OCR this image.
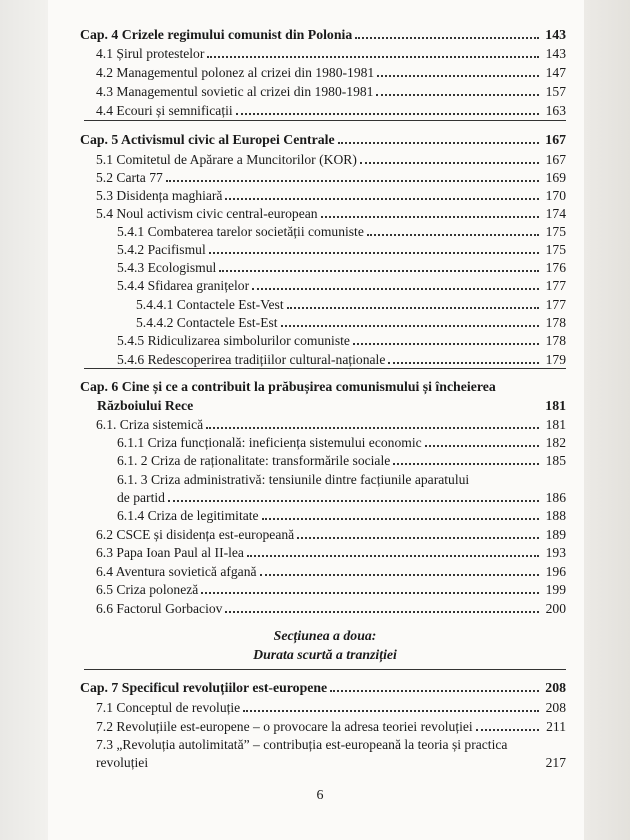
Cap. 4 Crizele regimului comunist din Polonia	143
4.1 Șirul protestelor	143
4.2 Managementul polonez al crizei din 1980-1981	147
4.3 Managementul sovietic al crizei din 1980-1981	157
4.4 Ecouri și semnificații	163
Cap. 5 Activismul civic al Europei Centrale	167
5.1 Comitetul de Apărare a Muncitorilor (KOR)	167
5.2 Carta 77	169
5.3 Disidența maghiară	170
5.4 Noul activism civic central-european	174
5.4.1 Combaterea tarelor societății comuniste	175
5.4.2 Pacifismul	175
5.4.3 Ecologismul	176
5.4.4 Sfidarea granițelor	177
5.4.4.1 Contactele Est-Vest	177
5.4.4.2 Contactele Est-Est	178
5.4.5 Ridiculizarea simbolurilor comuniste	178
5.4.6 Redescoperirea tradițiilor cultural-naționale	179
Cap. 6 Cine și ce a contribuit la prăbușirea comunismului și încheierea
Războiului Rece	181
6.1. Criza sistemică	181
6.1.1 Criza funcțională: ineficiența sistemului economic	182
6.1. 2 Criza de raționalitate: transformările sociale	185
6.1. 3 Criza administrativă: tensiunile dintre facțiunile aparatului
de partid	186
6.1.4 Criza de legitimitate	188
6.2 CSCE și disidența est-europeană	189
6.3 Papa Ioan Paul al II-lea	193
6.4 Aventura sovietică afgană	196
6.5 Criza poloneză	199
6.6 Factorul Gorbaciov	200
Secțiunea a doua:
Durata scurtă a tranziției
Cap. 7 Specificul revoluțiilor est-europene	208
7.1 Conceptul de revoluție	208
7.2 Revoluțiile est-europene – o provocare la adresa teoriei revoluției	211
7.3 „Revoluția autolimitată” – contribuția est-europeană la teoria și practica
revoluției	217
6
